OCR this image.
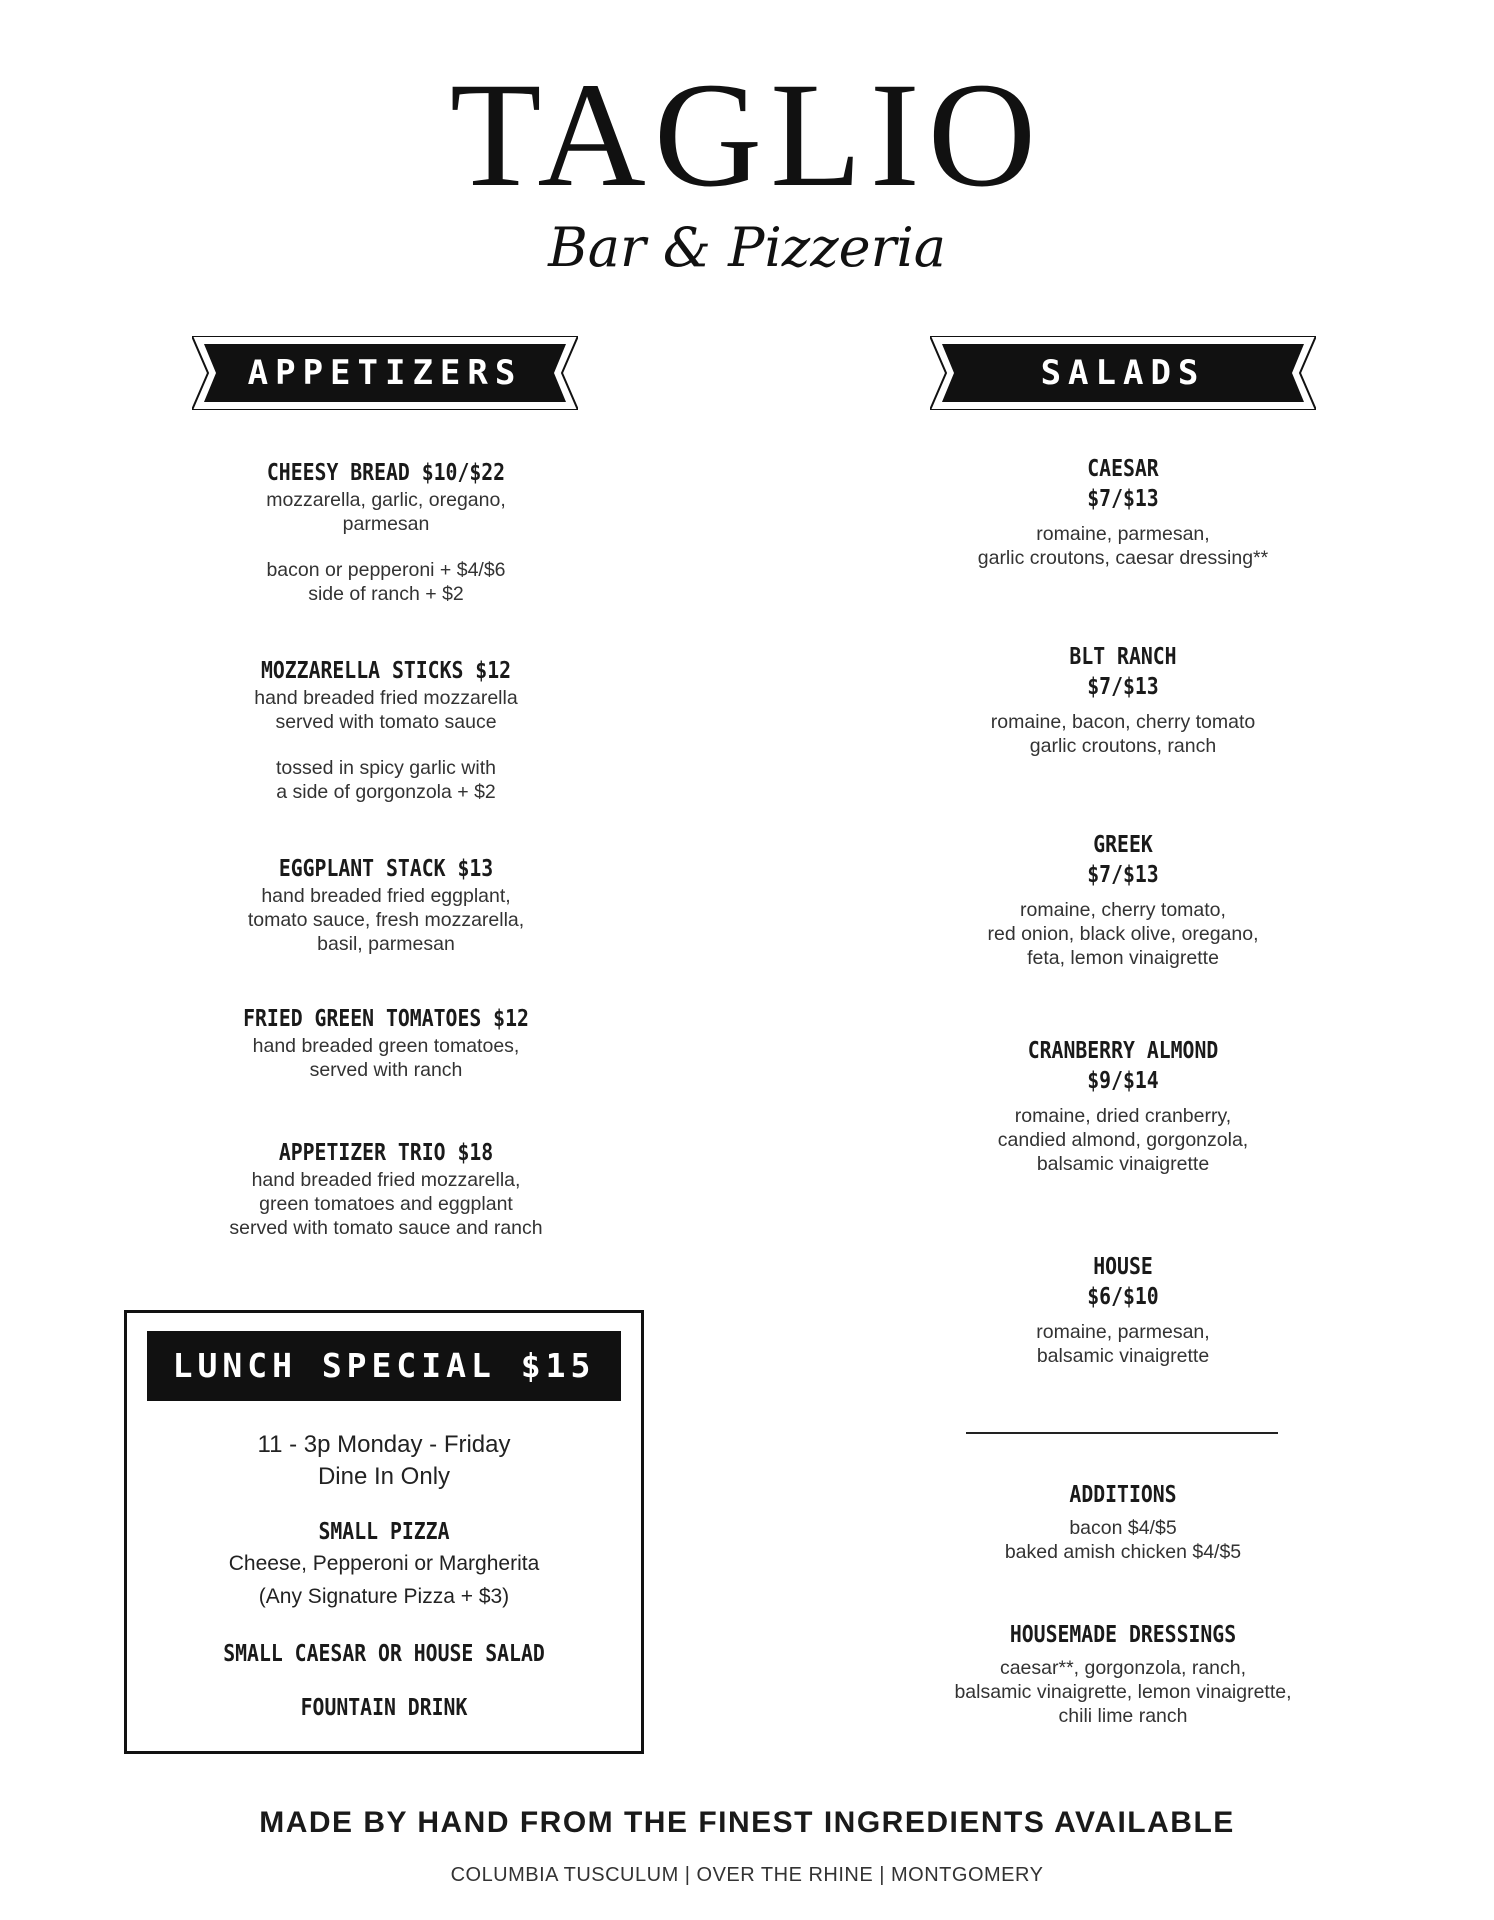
TAGLIO
Bar & Pizzeria
APPETIZERS	SALADS
CHEESY BREAD $10/$22
mozzarella, garlic, oregano,
parmesan
bacon or pepperoni + $4/$6
side of ranch + $2
MOZZARELLA STICKS $12
hand breaded fried mozzarella
served with tomato sauce
tossed in spicy garlic with
a side of gorgonzola + $2
EGGPLANT STACK $13
hand breaded fried eggplant,
tomato sauce, fresh mozzarella,
basil, parmesan
FRIED GREEN TOMATOES $12
hand breaded green tomatoes,
served with ranch
APPETIZER TRIO $18
hand breaded fried mozzarella,
green tomatoes and eggplant
served with tomato sauce and ranch
LUNCH SPECIAL $15
11 - 3p Monday - Friday
Dine In Only
SMALL PIZZA
Cheese, Pepperoni or Margherita
(Any Signature Pizza + $3)
SMALL CAESAR OR HOUSE SALAD
FOUNTAIN DRINK
CAESAR
$7/$13
romaine, parmesan,
garlic croutons, caesar dressing**
BLT RANCH
$7/$13
romaine, bacon, cherry tomato
garlic croutons, ranch
GREEK
$7/$13
romaine, cherry tomato,
red onion, black olive, oregano,
feta, lemon vinaigrette
CRANBERRY ALMOND
$9/$14
romaine, dried cranberry,
candied almond, gorgonzola,
balsamic vinaigrette
HOUSE
$6/$10
romaine, parmesan,
balsamic vinaigrette
ADDITIONS
bacon $4/$5
baked amish chicken $4/$5
HOUSEMADE DRESSINGS
caesar**, gorgonzola, ranch,
balsamic vinaigrette, lemon vinaigrette,
chili lime ranch
MADE BY HAND FROM THE FINEST INGREDIENTS AVAILABLE
COLUMBIA TUSCULUM | OVER THE RHINE | MONTGOMERY
